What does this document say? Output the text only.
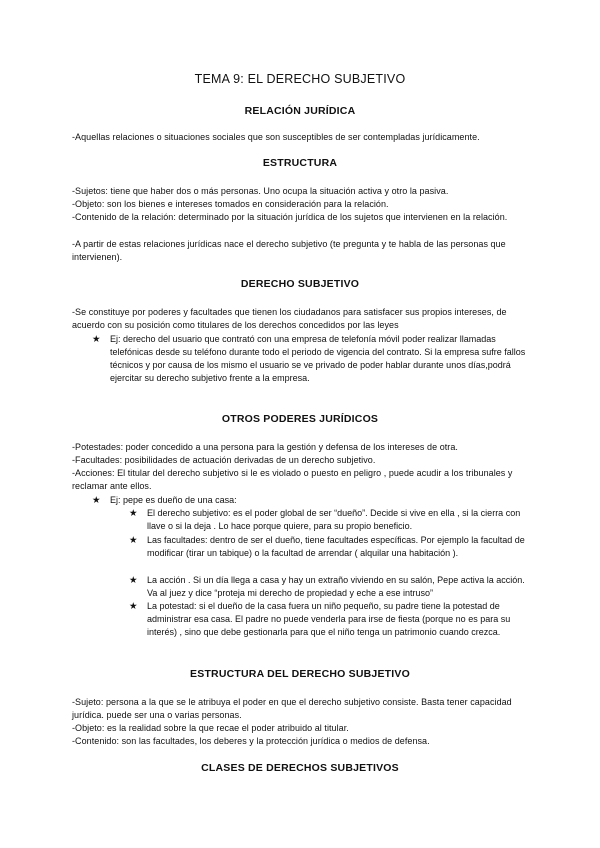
TEMA 9: EL DERECHO SUBJETIVO
RELACIÓN JURÍDICA
-Aquellas relaciones o situaciones sociales que son susceptibles de ser contempladas jurídicamente.
ESTRUCTURA
-Sujetos: tiene que haber dos o más personas. Uno ocupa la situación activa y otro la pasiva.
-Objeto: son los bienes e intereses tomados en consideración para la relación.
-Contenido de la relación: determinado por la situación jurídica de los sujetos que intervienen en la relación.
-A partir de estas relaciones jurídicas nace el derecho subjetivo (te pregunta y te habla de las personas que intervienen).
DERECHO SUBJETIVO
-Se constituye por poderes y facultades que tienen los ciudadanos para satisfacer sus propios intereses, de acuerdo con su posición como titulares de los derechos concedidos por las leyes
★ Ej: derecho del usuario que contrató con una empresa de telefonía móvil poder realizar llamadas telefónicas desde su teléfono durante todo el periodo de vigencia del contrato. Si la empresa sufre fallos técnicos y por causa de los mismo el usuario se ve privado de poder hablar durante unos días,podrá ejercitar su derecho subjetivo frente a la empresa.
OTROS PODERES JURÍDICOS
-Potestades: poder concedido a una persona para la gestión y defensa de los intereses de otra.
-Facultades: posibilidades de actuación derivadas de un derecho subjetivo.
-Acciones: El titular del derecho subjetivo si le es violado o puesto en peligro , puede acudir a los tribunales y reclamar ante ellos.
★ Ej: pepe es dueño de una casa:
★ El derecho subjetivo: es el poder global de ser “dueño”. Decide si vive en ella , si la cierra con llave o si la deja . Lo hace porque quiere, para su propio beneficio.
★ Las facultades: dentro de ser el dueño, tiene facultades específicas. Por ejemplo la facultad de modificar (tirar un tabique) o la facultad de arrendar ( alquilar una habitación ).
★ La acción . Si un día llega a casa y hay un extraño viviendo en su salón, Pepe activa la acción. Va al juez y dice “proteja mi derecho de propiedad y eche a ese intruso”
★ La potestad: si el dueño de la casa fuera un niño pequeño, su padre tiene la potestad de administrar esa casa. El padre no puede venderla para irse de fiesta (porque no es para su interés) , sino que debe gestionarla para que el niño tenga un patrimonio cuando crezca.
ESTRUCTURA DEL DERECHO SUBJETIVO
-Sujeto: persona a la que se le atribuya el poder en que el derecho subjetivo consiste. Basta tener capacidad jurídica. puede ser una o varias personas.
-Objeto: es la realidad sobre la que recae el poder atribuido al titular.
-Contenido: son las facultades, los deberes y la protección jurídica o medios de defensa.
CLASES DE DERECHOS SUBJETIVOS
